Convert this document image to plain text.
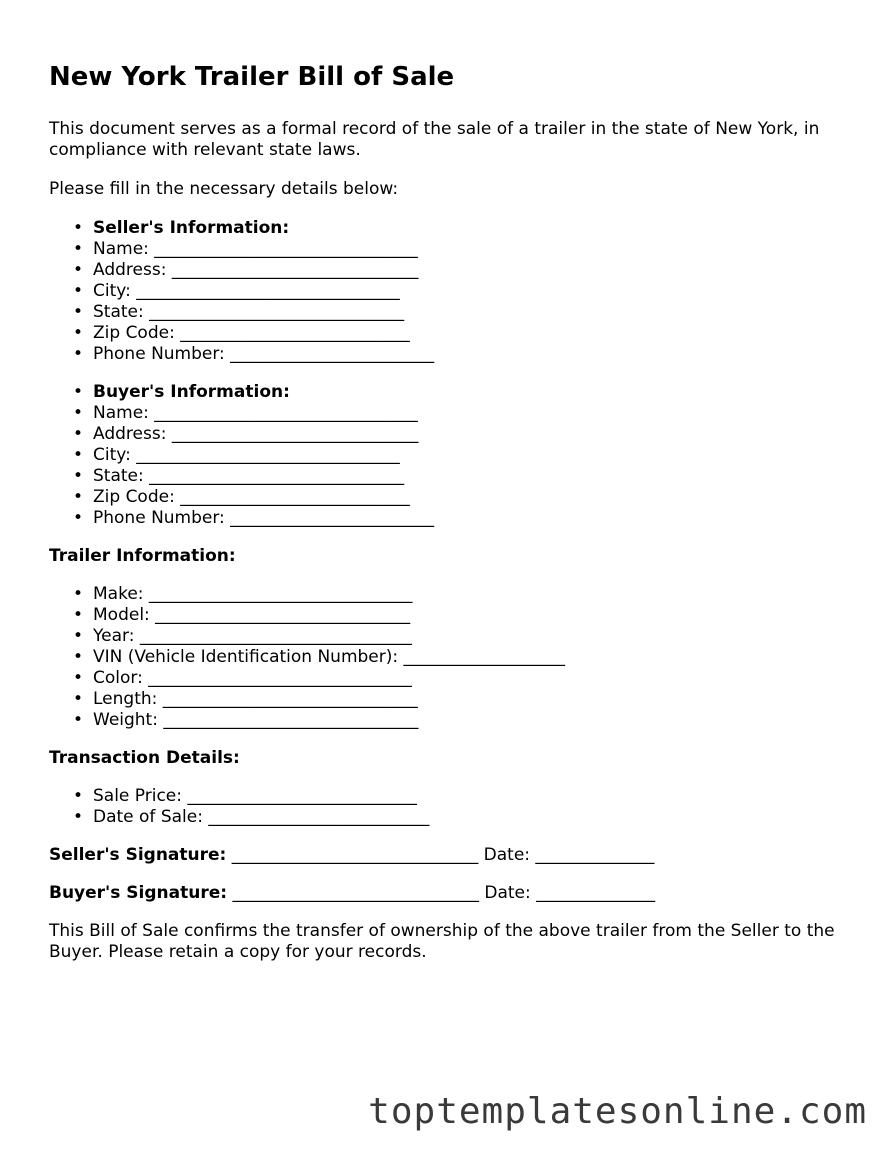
New York Trailer Bill of Sale

This document serves as a formal record of the sale of a trailer in the state of New York, in compliance with relevant state laws.

Please fill in the necessary details below:

• Seller's Information:
• Name: _______________________________
• Address: _____________________________
• City: _______________________________
• State: ______________________________
• Zip Code: ___________________________
• Phone Number: ________________________
• Buyer's Information:
• Name: _______________________________
• Address: _____________________________
• City: _______________________________
• State: ______________________________
• Zip Code: ___________________________
• Phone Number: ________________________
Trailer Information:
• Make: _______________________________
• Model: ______________________________
• Year: ________________________________
• VIN (Vehicle Identification Number): ___________________
• Color: _______________________________
• Length: ______________________________
• Weight: ______________________________
Transaction Details:
• Sale Price: ___________________________
• Date of Sale: __________________________
Seller's Signature: _____________________________ Date: ______________
Buyer's Signature: _____________________________ Date: ______________

This Bill of Sale confirms the transfer of ownership of the above trailer from the Seller to the Buyer. Please retain a copy for your records.

toptemplatesonline.com
